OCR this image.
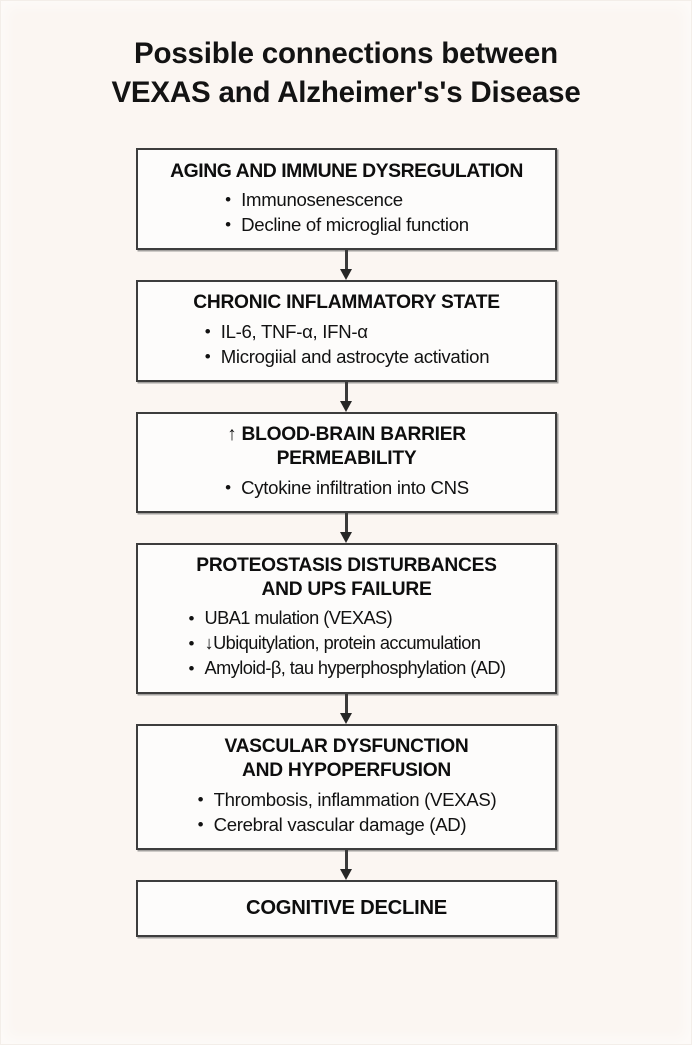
Possible connections between
VEXAS and Alzheimer's's Disease
AGING AND IMMUNE DYSREGULATION
• Immunosenescence
• Decline of microglial function
CHRONIC INFLAMMATORY STATE
• IL-6, TNF-α, IFN-α
• Microgiial and astrocyte activation
↑ BLOOD-BRAIN BARRIER
PERMEABILITY
• Cytokine infiltration into CNS
PROTEOSTASIS DISTURBANCES
AND UPS FAILURE
• UBA1 mulation (VEXAS)
• ↓Ubiquitylation, protein accumulation
• Amyloid-β, tau hyperphosphylation (AD)
VASCULAR DYSFUNCTION
AND HYPOPERFUSION
• Thrombosis, inflammation (VEXAS)
• Cerebral vascular damage (AD)
COGNITIVE DECLINE
